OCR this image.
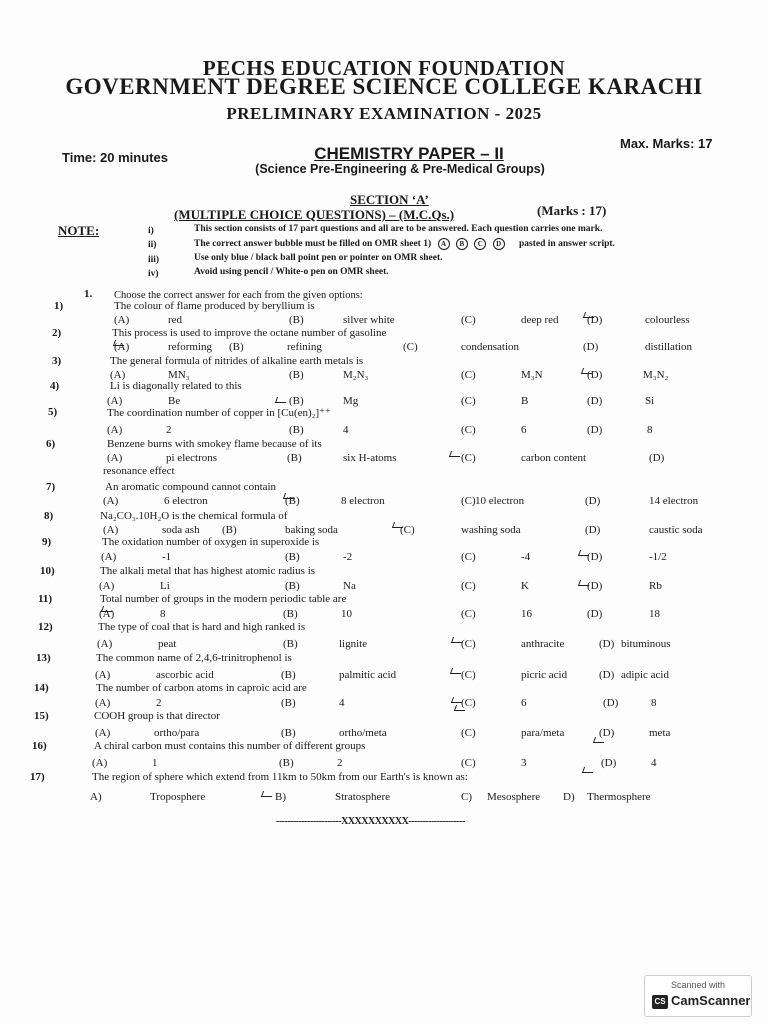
PECHS EDUCATION FOUNDATION
GOVERNMENT DEGREE SCIENCE COLLEGE KARACHI
PRELIMINARY EXAMINATION - 2025
Time: 20 minutes
Max. Marks: 17
CHEMISTRY PAPER – II
(Science Pre-Engineering & Pre-Medical Groups)
SECTION ‘A’
(MULTIPLE CHOICE QUESTIONS) – (M.C.Qs.)	(Marks : 17)
NOTE:	i)	This section consists of 17 part questions and all are to be answered. Each question carries one mark.
ii)	The correct answer bubble must be filled on OMR sheet 1) A B C D pasted in answer script.
iii)	Use only blue / black ball point pen or pointer on OMR sheet.
iv)	Avoid using pencil / White-o pen on OMR sheet.
1. Choose the correct answer for each from the given options:
1)	The colour of flame produced by beryllium is
(A)	red	(B)	silver white	(C)	deep red	(D)	colourless
2)	This process is used to improve the octane number of gasoline
(A)	reforming (B)	refining	(C)	condensation	(D)	distillation
3)	The general formula of nitrides of alkaline earth metals is
(A)	MN₃	(B)	M₂N₃	(C)	M₃N	(D)	M₃N₂
4)	Li is diagonally related to this
(A)	Be	(B)	Mg	(C)	B	(D)	Si
5)	The coordination number of copper in [Cu(en)₂]⁺⁺
(A)	2	(B)	4	(C)	6	(D)	8
6)	Benzene burns with smokey flame because of its
(A)	pi electrons	(B)	six H-atoms	(C)	carbon content	(D)
resonance effect
7)	An aromatic compound cannot contain
(A)	6 electron	(B)	8 electron	(C) 10 electron	(D)	14 electron
8)	Na₂CO₃.10H₂O is the chemical formula of
(A)	soda ash (B)	baking soda	(C)	washing soda	(D)	caustic soda
9)	The oxidation number of oxygen in superoxide is
(A)	-1	(B)	-2	(C)	-4	(D)	-1/2
10)	The alkali metal that has highest atomic radius is
(A)	Li	(B)	Na	(C)	K	(D)	Rb
11)	Total number of groups in the modern periodic table are
(A)	8	(B)	10	(C)	16	(D)	18
12)	The type of coal that is hard and high ranked is
(A)	peat	(B)	lignite	(C)	anthracite	(D) bituminous
13)	The common name of 2,4,6-trinitrophenol is
(A)	ascorbic acid	(B)	palmitic acid	(C)	picric acid	(D) adipic acid
14)	The number of carbon atoms in caproic acid are
(A)	2	(B)	4	(C)	6	(D)	8
15)	COOH group is that director
(A)	ortho/para	(B)	ortho/meta	(C)	para/meta	(D)	meta
16)	A chiral carbon must contains this number of different groups
(A)	1	(B)	2	(C)	3	(D)	4
17)	The region of sphere which extend from 11km to 50km from our Earth's is known as:
A)	Troposphere	B)	Stratosphere	C) Mesosphere D) Thermosphere
-----------------------XXXXXXXXXX--------------------
Scanned with
CS CamScanner
